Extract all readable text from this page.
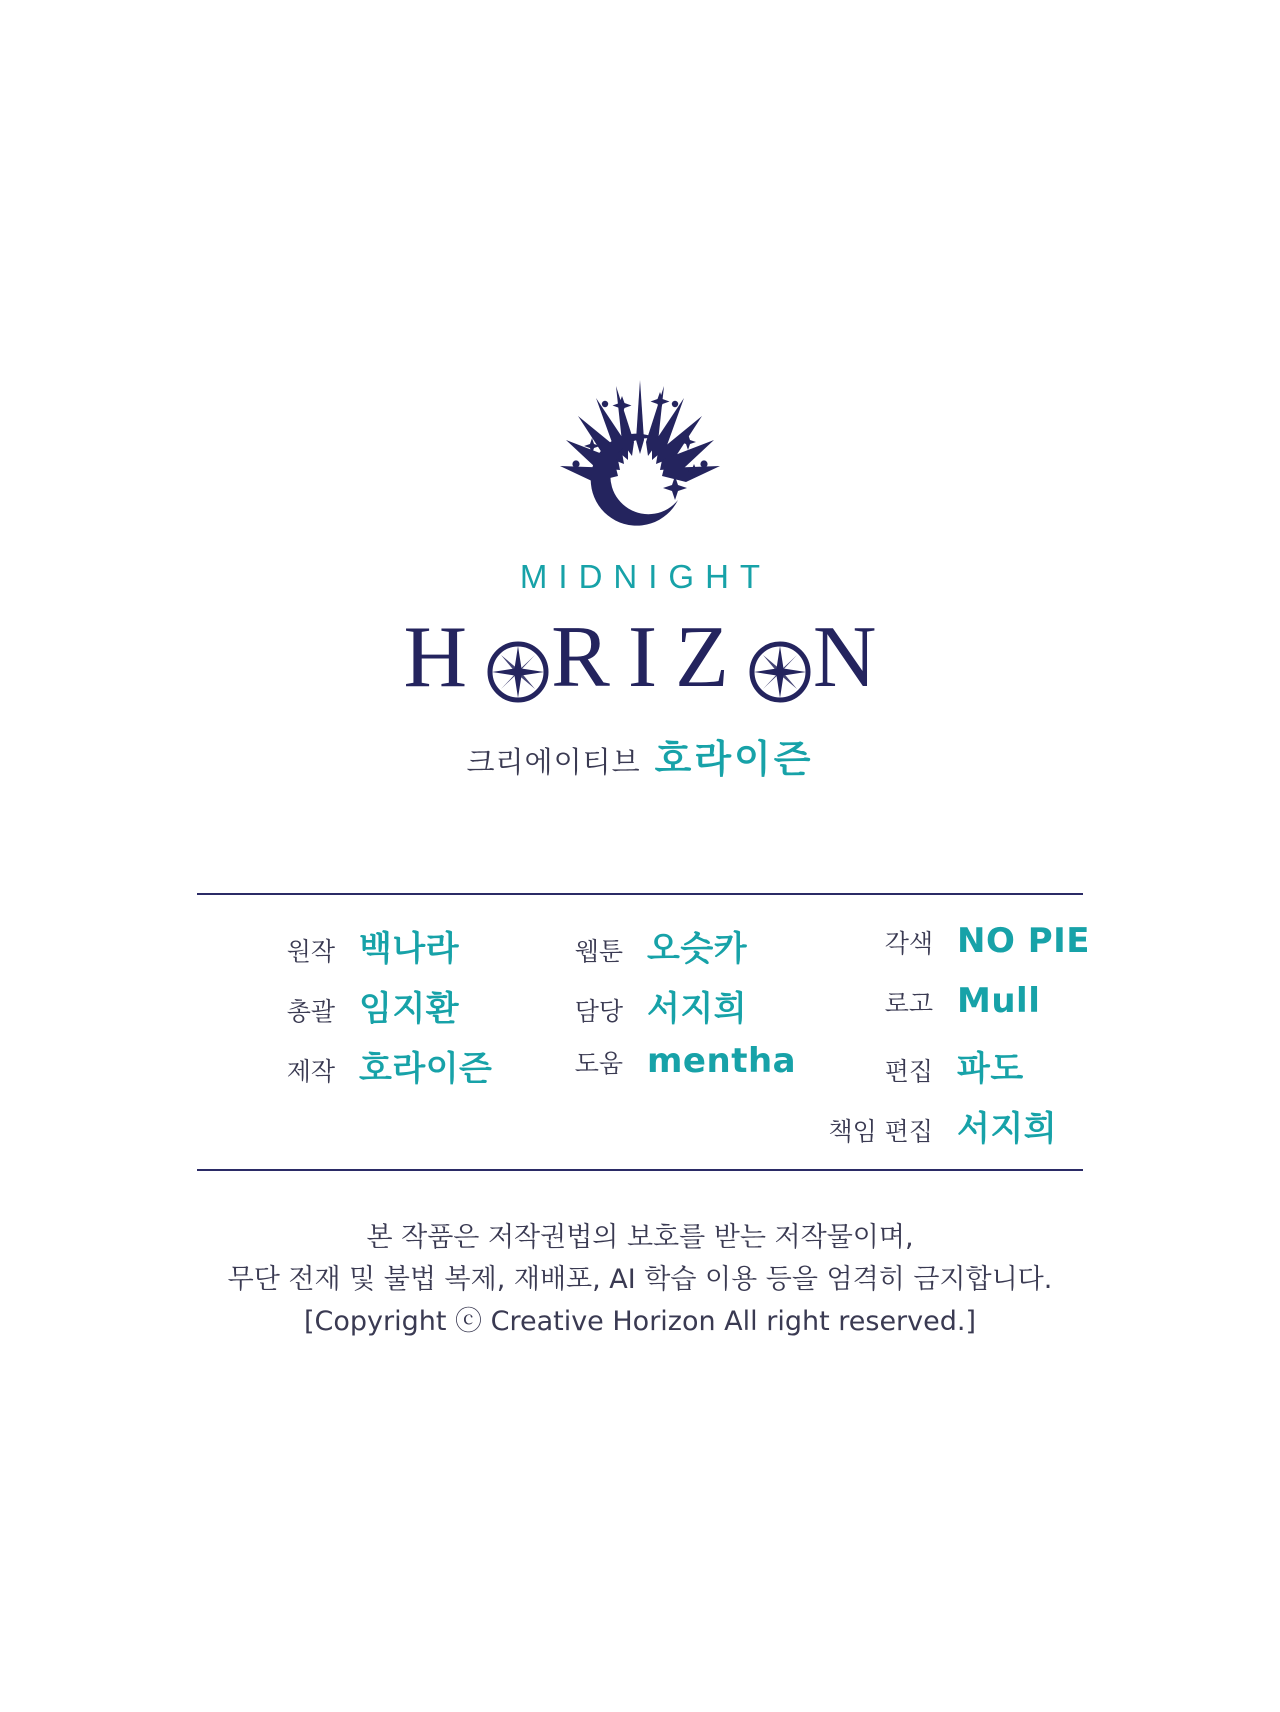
MIDNIGHT
H R I Z N
크리에이티브 호라이즌
원작 백나라
총괄 임지환
제작 호라이즌
웹툰 오슷카
담당 서지희
도움 mentha
각색 NO PIE
로고 Mull
편집 파도
책임 편집 서지희
본 작품은 저작권법의 보호를 받는 저작물이며,
무단 전재 및 불법 복제, 재배포, AI 학습 이용 등을 엄격히 금지합니다.
[Copyright ⓒ Creative Horizon All right reserved.]
